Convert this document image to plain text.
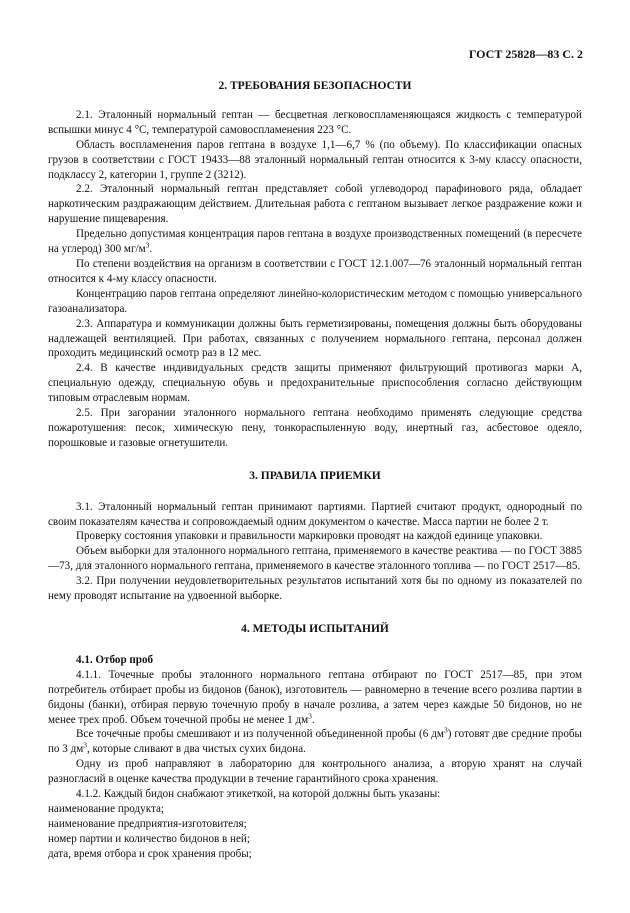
ГОСТ 25828—83 С. 2
2. ТРЕБОВАНИЯ БЕЗОПАСНОСТИ

2.1. Эталонный нормальный гептан — бесцветная легковоспламеняющаяся жидкость с температурой вспышки минус 4 °С, температурой самовоспламенения 223 °С.

Область воспламенения паров гептана в воздухе 1,1—6,7 % (по объему). По классификации опасных грузов в соответствии с ГОСТ 19433—88 эталонный нормальный гептан относится к 3-му классу опасности, подклассу 2, категории 1, группе 2 (3212).

2.2. Эталонный нормальный гептан представляет собой углеводород парафинового ряда, обладает наркотическим раздражающим действием. Длительная работа с гептаном вызывает легкое раздражение кожи и нарушение пищеварения.

Предельно допустимая концентрация паров гептана в воздухе производственных помещений (в пересчете на углерод) 300 $мг/м^3$.

По степени воздействия на организм в соответствии с ГОСТ 12.1.007—76 эталонный нормальный гептан относится к 4-му классу опасности.

Концентрацию паров гептана определяют линейно-колористическим методом с помощью универсального газоанализатора.

2.3. Аппаратура и коммуникации должны быть герметизированы, помещения должны быть оборудованы надлежащей вентиляцией. При работах, связанных с получением нормального гептана, персонал должен проходить медицинский осмотр раз в 12 мес.

2.4. В качестве индивидуальных средств защиты применяют фильтрующий противогаз марки А, специальную одежду, специальную обувь и предохранительные приспособления согласно действующим типовым отраслевым нормам.

2.5. При загорании эталонного нормального гептана необходимо применять следующие средства пожаротушения: песок, химическую пену, тонкораспыленную воду, инертный газ, асбестовое одеяло, порошковые и газовые огнетушители.

3. ПРАВИЛА ПРИЕМКИ

3.1. Эталонный нормальный гептан принимают партиями. Партией считают продукт, однородный по своим показателям качества и сопровождаемый одним документом о качестве. Масса партии не более 2 т.

Проверку состояния упаковки и правильности маркировки проводят на каждой единице упаковки.

Объем выборки для эталонного нормального гептана, применяемого в качестве реактива — по ГОСТ 3885—73, для эталонного нормального гептана, применяемого в качестве эталонного топлива — по ГОСТ 2517—85.

3.2. При получении неудовлетворительных результатов испытаний хотя бы по одному из показателей по нему проводят испытание на удвоенной выборке.

4. МЕТОДЫ ИСПЫТАНИЙ
4.1. Отбор проб

4.1.1. Точечные пробы эталонного нормального гептана отбирают по ГОСТ 2517—85, при этом потребитель отбирает пробы из бидонов (банок), изготовитель — равномерно в течение всего розлива партии в бидоны (банки), отбирая первую точечную пробу в начале розлива, а затем через каждые 50 бидонов, но не менее трех проб. Объем точечной пробы не менее 1 $дм^3$.

Все точечные пробы смешивают и из полученной объединенной пробы (6 $дм^3$) готовят две средние пробы по 3 $дм^3$, которые сливают в два чистых сухих бидона.

Одну из проб направляют в лабораторию для контрольного анализа, а вторую хранят на случай разногласий в оценке качества продукции в течение гарантийного срока хранения.

4.1.2. Каждый бидон снабжают этикеткой, на которой должны быть указаны:

наименование продукта;

наименование предприятия-изготовителя;

номер партии и количество бидонов в ней;

дата, время отбора и срок хранения пробы;
